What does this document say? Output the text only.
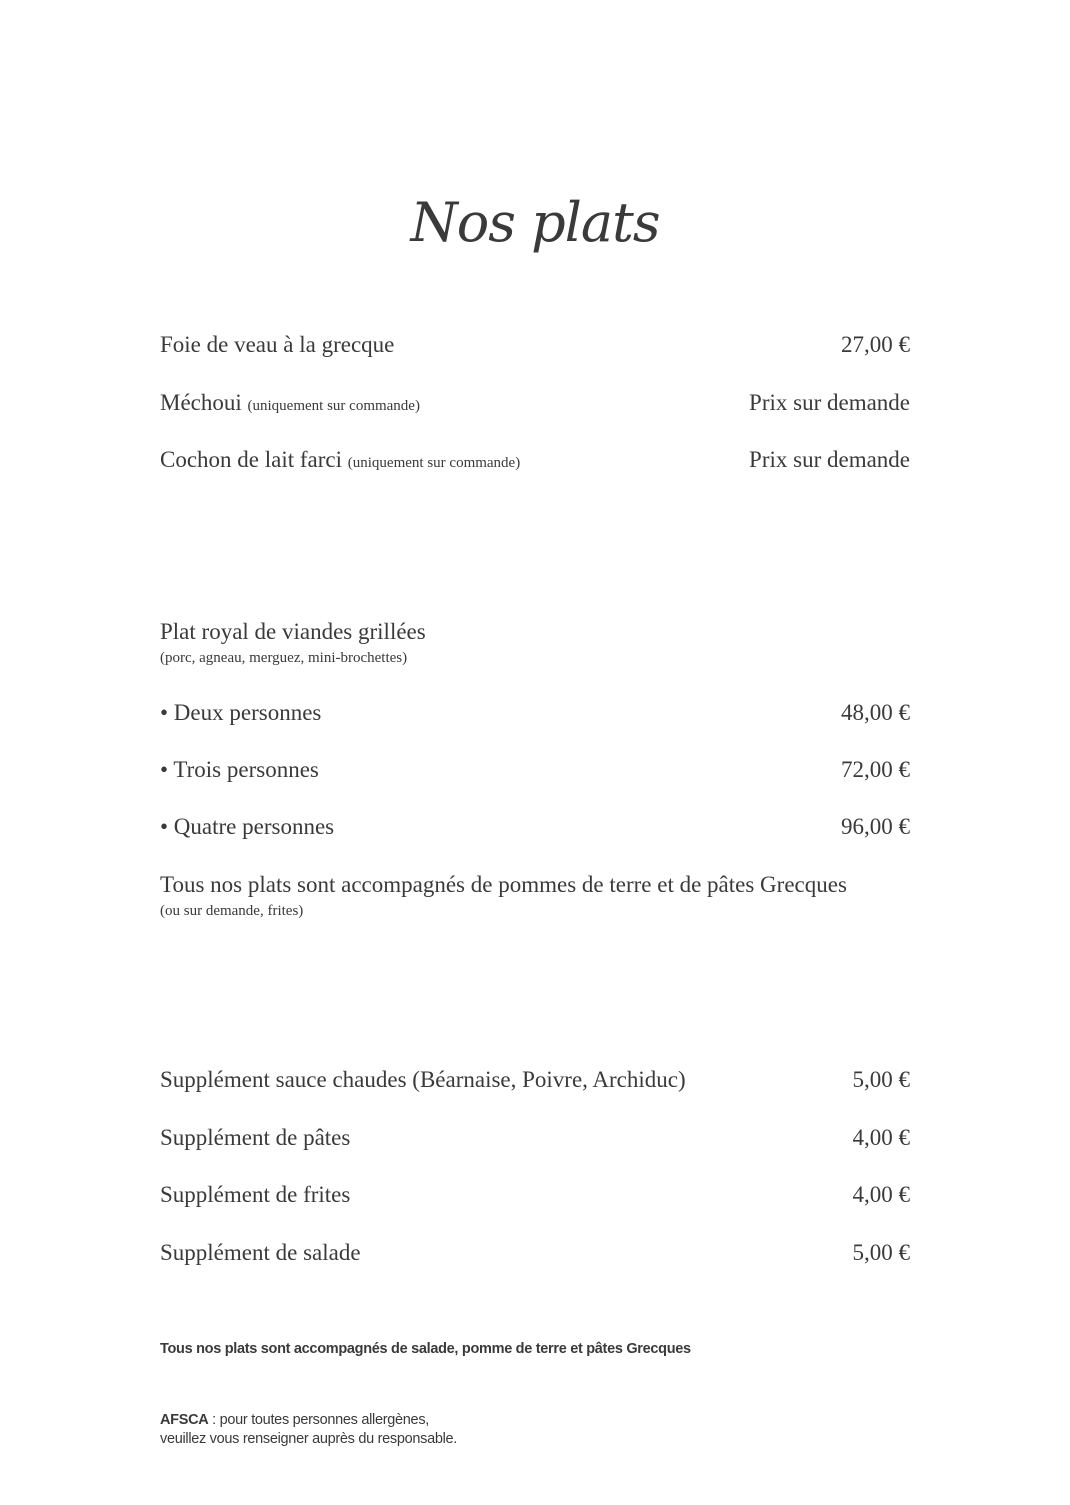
Nos plats
Foie de veau à la grecque	27,00 €
Méchoui (uniquement sur commande)	Prix sur demande
Cochon de lait farci (uniquement sur commande)	Prix sur demande
Plat royal de viandes grillées
(porc, agneau, merguez, mini-brochettes)
• Deux personnes	48,00 €
• Trois personnes	72,00 €
• Quatre personnes	96,00 €
Tous nos plats sont accompagnés de pommes de terre et de pâtes Grecques
(ou sur demande, frites)
Supplément sauce chaudes (Béarnaise, Poivre, Archiduc)	5,00 €
Supplément de pâtes	4,00 €
Supplément de frites	4,00 €
Supplément de salade	5,00 €
Tous nos plats sont accompagnés de salade, pomme de terre et pâtes Grecques
AFSCA : pour toutes personnes allergènes,
veuillez vous renseigner auprès du responsable.
